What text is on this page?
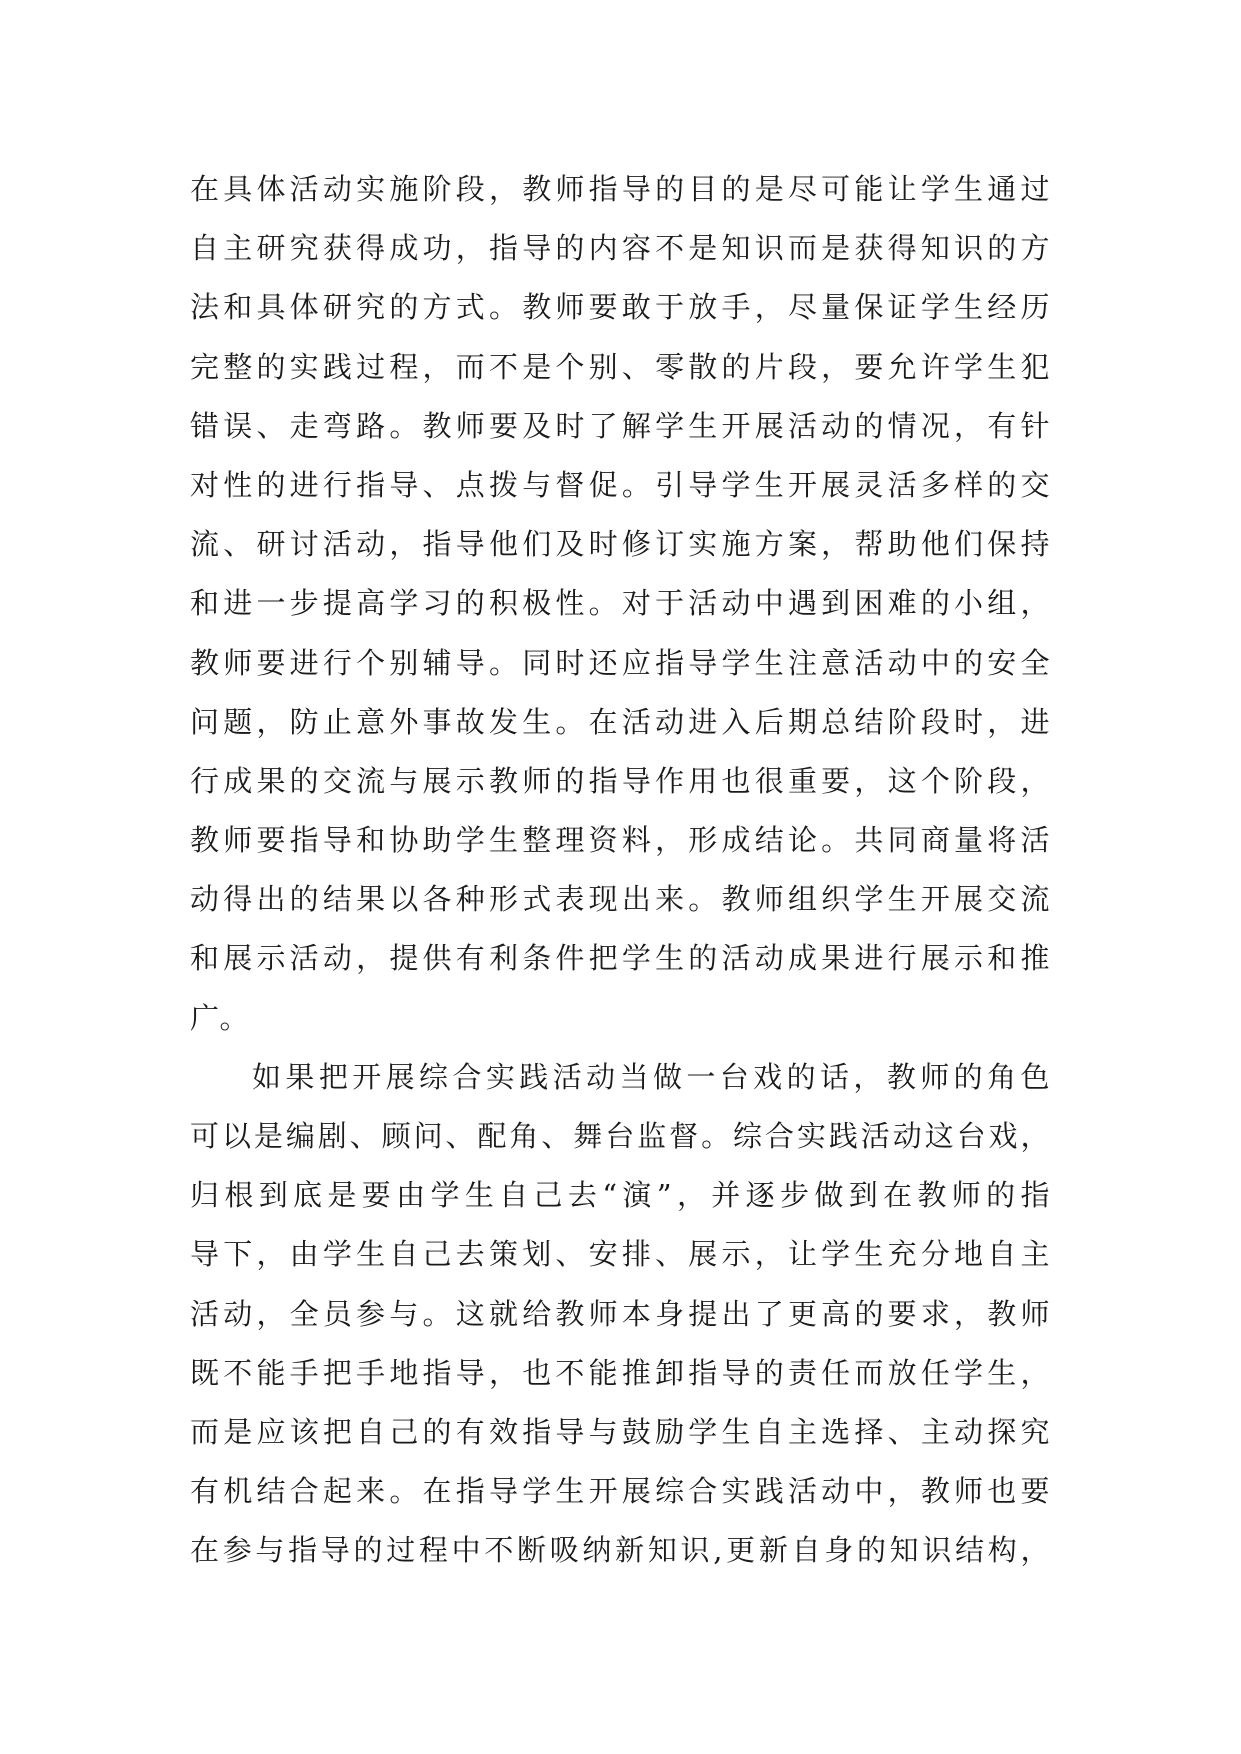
在具体活动实施阶段，教师指导的目的是尽可能让学生通过
自主研究获得成功，指导的内容不是知识而是获得知识的方
法和具体研究的方式。教师要敢于放手，尽量保证学生经历
完整的实践过程，而不是个别、零散的片段，要允许学生犯
错误、走弯路。教师要及时了解学生开展活动的情况，有针
对性的进行指导、点拨与督促。引导学生开展灵活多样的交
流、研讨活动，指导他们及时修订实施方案，帮助他们保持
和进一步提高学习的积极性。对于活动中遇到困难的小组，
教师要进行个别辅导。同时还应指导学生注意活动中的安全
问题，防止意外事故发生。在活动进入后期总结阶段时，进
行成果的交流与展示教师的指导作用也很重要，这个阶段，
教师要指导和协助学生整理资料，形成结论。共同商量将活
动得出的结果以各种形式表现出来。教师组织学生开展交流
和展示活动，提供有利条件把学生的活动成果进行展示和推
广。
如果把开展综合实践活动当做一台戏的话，教师的角色
可以是编剧、顾问、配角、舞台监督。综合实践活动这台戏，
归根到底是要由学生自己去“演”，并逐步做到在教师的指
导下，由学生自己去策划、安排、展示，让学生充分地自主
活动，全员参与。这就给教师本身提出了更高的要求，教师
既不能手把手地指导，也不能推卸指导的责任而放任学生，
而是应该把自己的有效指导与鼓励学生自主选择、主动探究
有机结合起来。在指导学生开展综合实践活动中，教师也要
在参与指导的过程中不断吸纳新知识,更新自身的知识结构，
